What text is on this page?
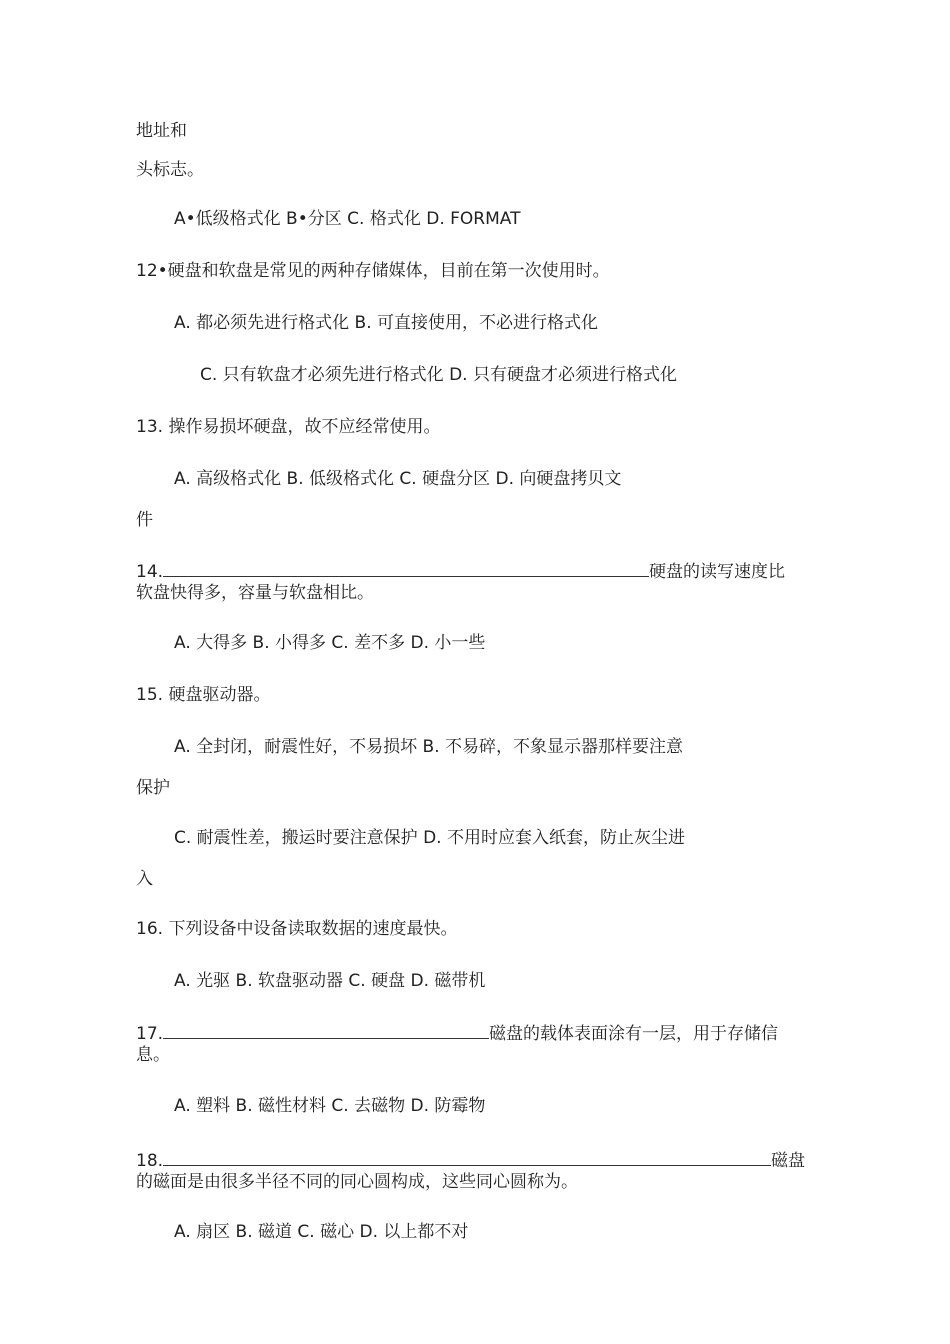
地址和
头标志。
A•低级格式化 B•分区 C. 格式化 D. FORMAT
12•硬盘和软盘是常见的两种存储媒体，目前在第一次使用时。
A. 都必须先进行格式化 B. 可直接使用，不必进行格式化
C. 只有软盘才必须先进行格式化 D. 只有硬盘才必须进行格式化
13. 操作易损坏硬盘，故不应经常使用。
A. 高级格式化 B. 低级格式化 C. 硬盘分区 D. 向硬盘拷贝文
件
14.	硬盘的读写速度比
软盘快得多，容量与软盘相比。
A. 大得多 B. 小得多 C. 差不多 D. 小一些
15. 硬盘驱动器。
A. 全封闭，耐震性好，不易损坏 B. 不易碎，不象显示器那样要注意
保护
C. 耐震性差，搬运时要注意保护 D. 不用时应套入纸套，防止灰尘进
入
16. 下列设备中设备读取数据的速度最快。
A. 光驱 B. 软盘驱动器 C. 硬盘 D. 磁带机
17.	磁盘的载体表面涂有一层，用于存储信
息。
A. 塑料 B. 磁性材料 C. 去磁物 D. 防霉物
18.	磁盘
的磁面是由很多半径不同的同心圆构成，这些同心圆称为。
A. 扇区 B. 磁道 C. 磁心 D. 以上都不对
